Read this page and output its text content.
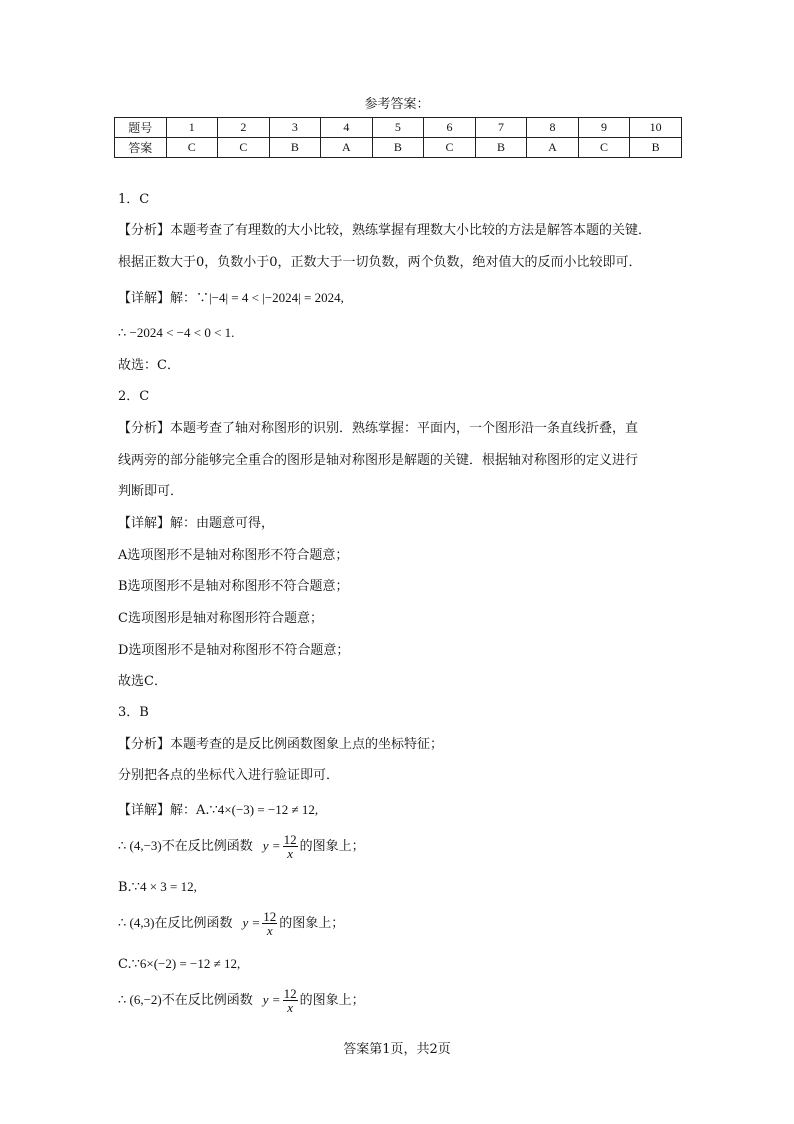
参考答案：
题号	1	2	3	4	5	6	7	8	9	10
答案	C	C	B	A	B	C	B	A	C	B
1．C
【分析】本题考查了有理数的大小比较，熟练掌握有理数大小比较的方法是解答本题的关键．
根据正数大于0，负数小于0，正数大于一切负数，两个负数，绝对值大的反而小比较即可．
【详解】解：∵|−4| = 4 < |−2024| = 2024,
∴ −2024 < −4 < 0 < 1.
故选：C．
2．C
【分析】本题考查了轴对称图形的识别．熟练掌握：平面内，一个图形沿一条直线折叠，直
线两旁的部分能够完全重合的图形是轴对称图形是解题的关键．根据轴对称图形的定义进行
判断即可．
【详解】解：由题意可得，
A选项图形不是轴对称图形不符合题意；
B选项图形不是轴对称图形不符合题意；
C选项图形是轴对称图形符合题意；
D选项图形不是轴对称图形不符合题意；
故选C．
3．B
【分析】本题考查的是反比例函数图象上点的坐标特征；
分别把各点的坐标代入进行验证即可．
【详解】解：A.∵4×(−3) = −12 ≠ 12,
∴ (4,−3)不在反比例函数 $y = \frac{12}{x}$ 的图象上；
B.∵4 × 3 = 12,
∴ (4,3)在反比例函数 $y = \frac{12}{x}$ 的图象上；
C.∵6×(−2) = −12 ≠ 12,
∴ (6,−2)不在反比例函数 $y = \frac{12}{x}$ 的图象上；
答案第1页，共2页
